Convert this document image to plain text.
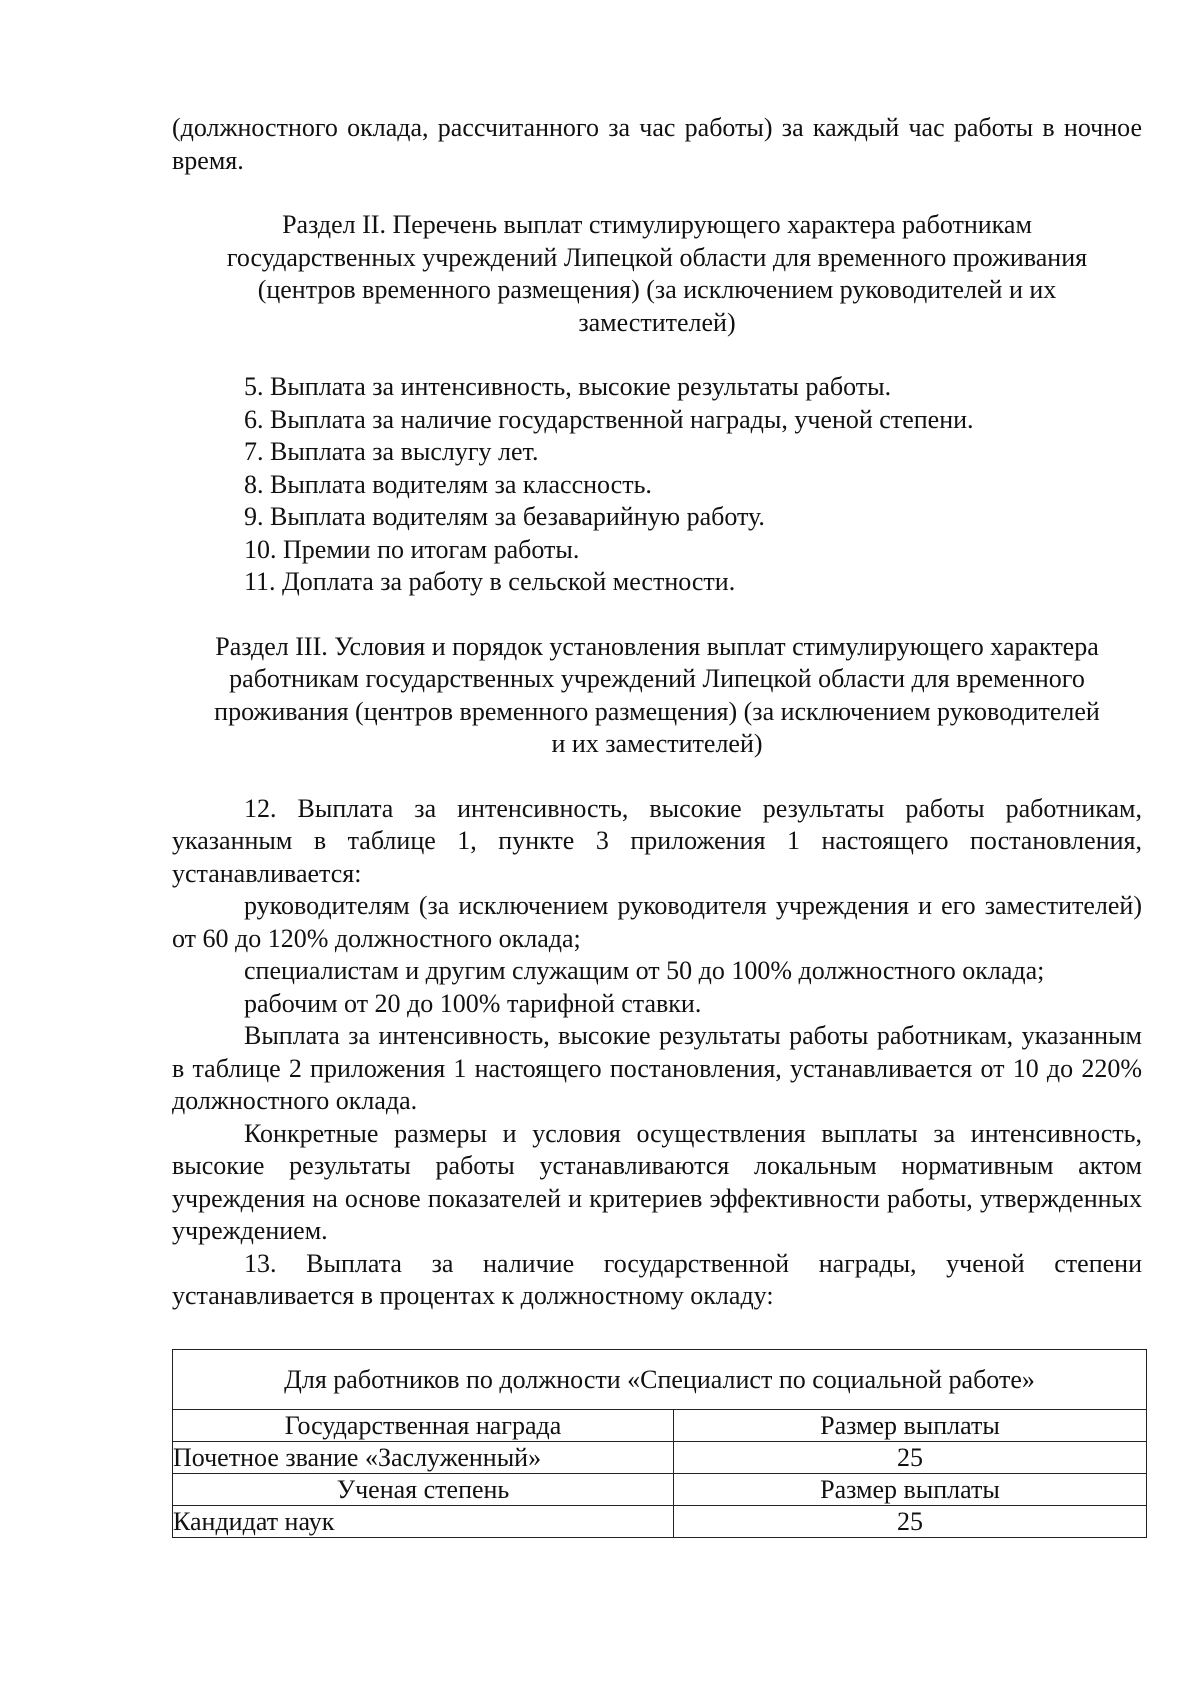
(должностного оклада, рассчитанного за час работы) за каждый час работы в ночное время.

Раздел II. Перечень выплат стимулирующего характера работникам государственных учреждений Липецкой области для временного проживания (центров временного размещения) (за исключением руководителей и их заместителей)

5. Выплата за интенсивность, высокие результаты работы.
6. Выплата за наличие государственной награды, ученой степени.
7. Выплата за выслугу лет.
8. Выплата водителям за классность.
9. Выплата водителям за безаварийную работу.
10. Премии по итогам работы.
11. Доплата за работу в сельской местности.

Раздел III. Условия и порядок установления выплат стимулирующего характера работникам государственных учреждений Липецкой области для временного проживания (центров временного размещения) (за исключением руководителей и их заместителей)

12. Выплата за интенсивность, высокие результаты работы работникам, указанным в таблице 1, пункте 3 приложения 1 настоящего постановления, устанавливается:

руководителям (за исключением руководителя учреждения и его заместителей) от 60 до 120% должностного оклада;

специалистам и другим служащим от 50 до 100% должностного оклада;

рабочим от 20 до 100% тарифной ставки.

Выплата за интенсивность, высокие результаты работы работникам, указанным в таблице 2 приложения 1 настоящего постановления, устанавливается от 10 до 220% должностного оклада.

Конкретные размеры и условия осуществления выплаты за интенсивность, высокие результаты работы устанавливаются локальным нормативным актом учреждения на основе показателей и критериев эффективности работы, утвержденных учреждением.

13. Выплата за наличие государственной награды, ученой степени устанавливается в процентах к должностному окладу:

Для работников по должности «Специалист по социальной работе»	
Государственная награда	Размер выплаты
Почетное звание «Заслуженный»	25
Ученая степень	Размер выплаты
Кандидат наук	25
